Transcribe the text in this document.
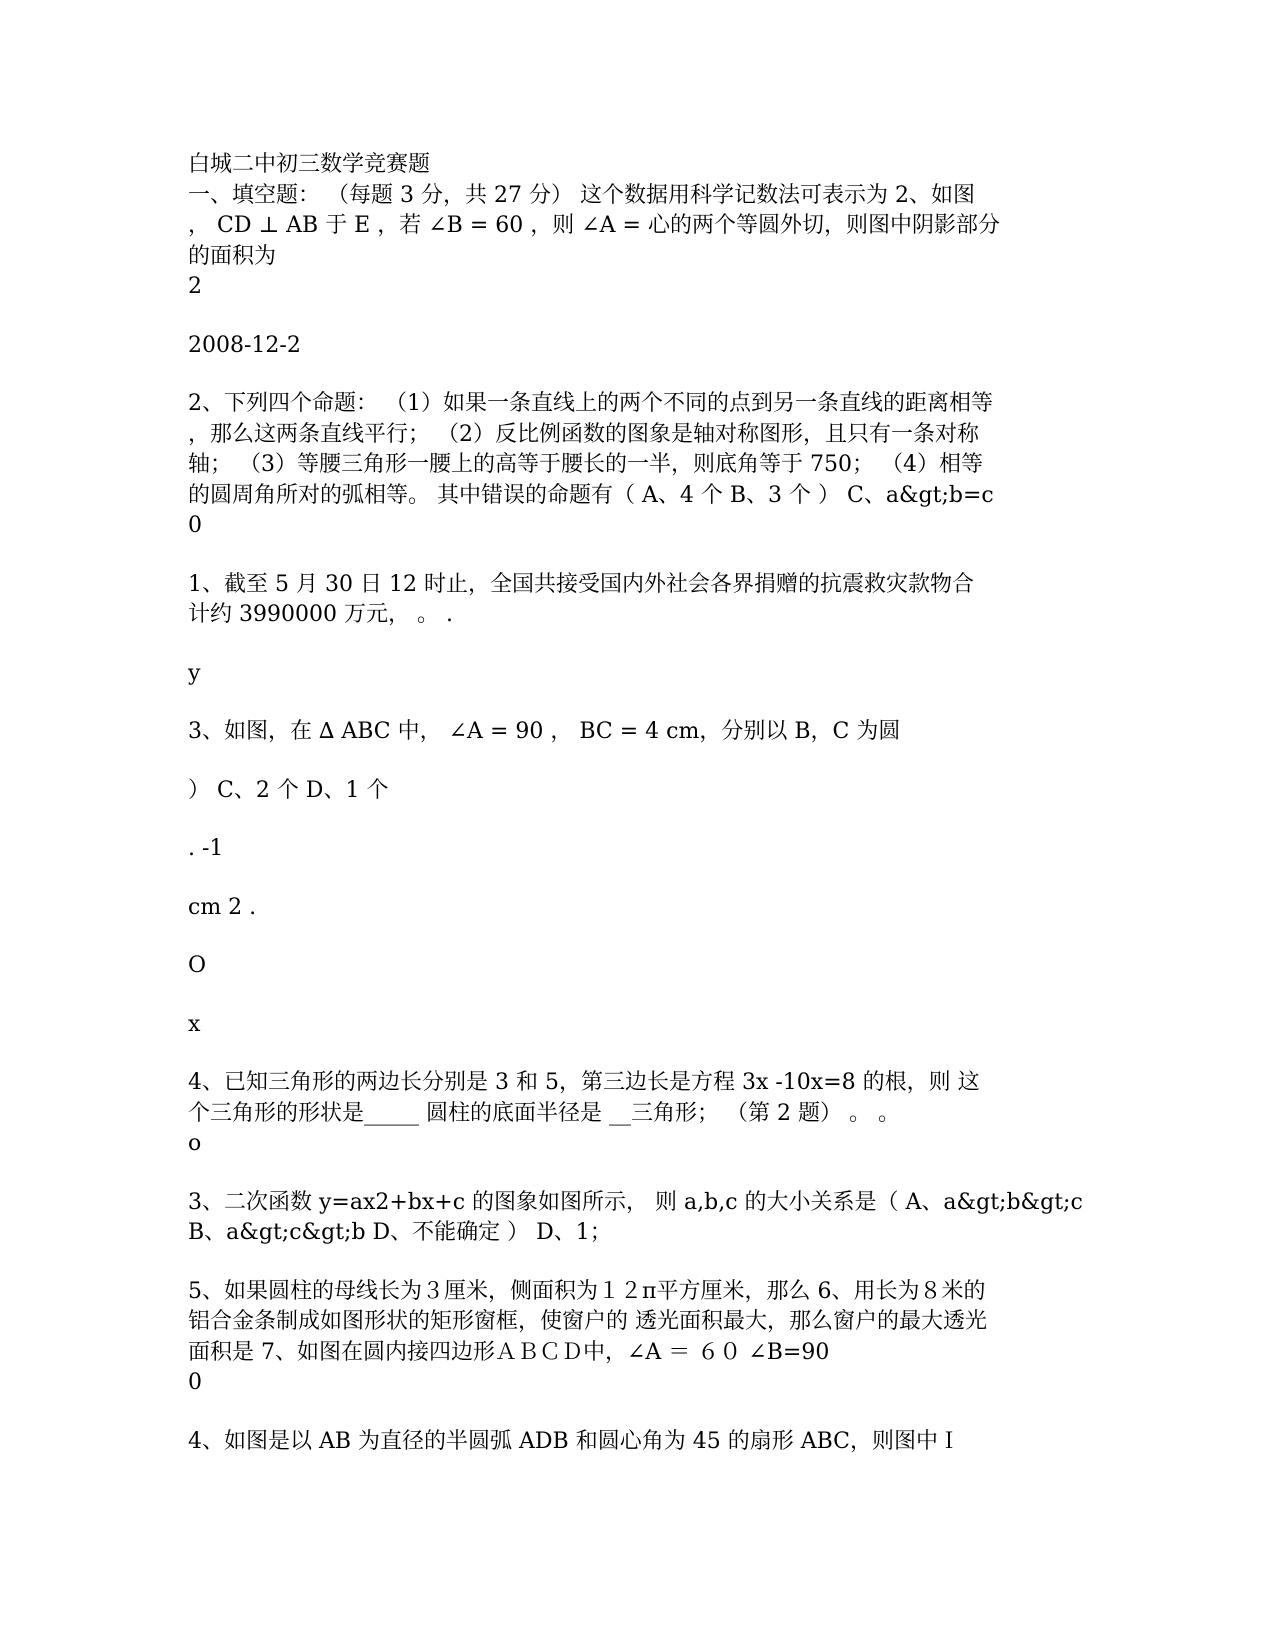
白城二中初三数学竞赛题
一、填空题： （每题 3 分，共 27 分） 这个数据用科学记数法可表示为 2、如图
， CD ⊥ AB 于 E ，若 ∠B = 60 ，则 ∠A = 心的两个等圆外切，则图中阴影部分
的面积为
2
2008-12-2
2、下列四个命题： （1）如果一条直线上的两个不同的点到另一条直线的距离相等
，那么这两条直线平行； （2）反比例函数的图象是轴对称图形，且只有一条对称
轴； （3）等腰三角形一腰上的高等于腰长的一半，则底角等于 750； （4）相等
的圆周角所对的弧相等。 其中错误的命题有（ A、4 个 B、3 个 ） C、a&gt;b=c
0
1、截至 5 月 30 日 12 时止，全国共接受国内外社会各界捐赠的抗震救灾款物合
计约 3990000 万元， 。 .
y
3、如图，在 ∆ ABC 中， ∠A = 90 ， BC = 4 cm，分别以 B，C 为圆
） C、2 个 D、1 个
. -1
cm 2 .
O
x
4、已知三角形的两边长分别是 3 和 5，第三边长是方程 3x -10x=8 的根，则 这
个三角形的形状是_____ 圆柱的底面半径是 __三角形； （第 2 题） 。 。
o
3、二次函数 y=ax2+bx+c 的图象如图所示， 则 a,b,c 的大小关系是（ A、a&gt;b&gt;c
B、a&gt;c&gt;b D、不能确定 ） D、1；
5、如果圆柱的母线长为３厘米，侧面积为１２π平方厘米，那么 6、用长为８米的
铝合金条制成如图形状的矩形窗框，使窗户的 透光面积最大，那么窗户的最大透光
面积是 7、如图在圆内接四边形ＡＢＣＤ中，∠A ＝ ６０ ∠B=90
0
4、如图是以 AB 为直径的半圆弧 ADB 和圆心角为 45 的扇形 ABC，则图中Ｉ
